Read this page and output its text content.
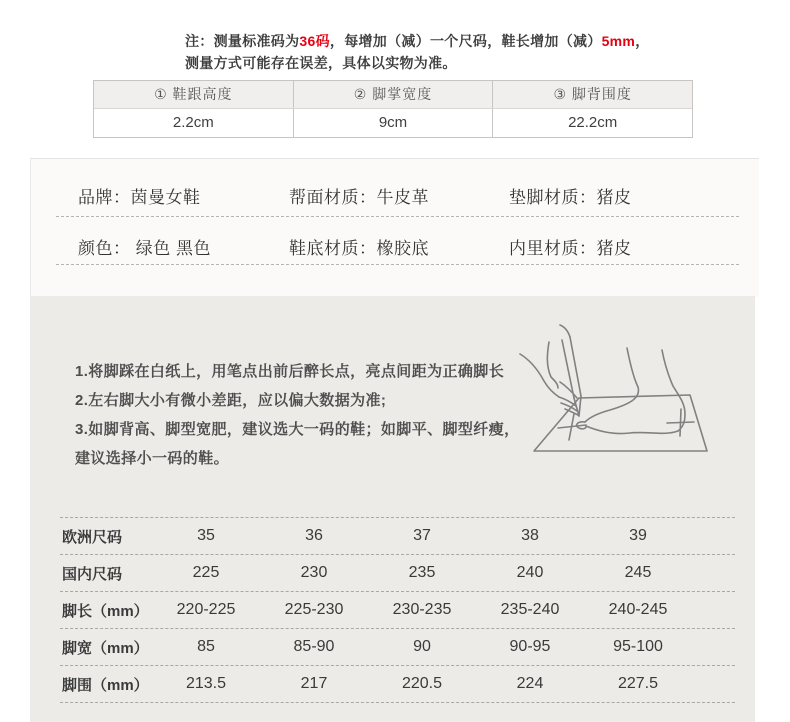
注：测量标准码为36码，每增加（减）一个尺码，鞋长增加（减）5mm，
测量方式可能存在误差，具体以实物为准。
① 鞋跟高度	② 脚掌宽度	③ 脚背围度
2.2cm	9cm	22.2cm
品牌：茵曼女鞋	帮面材质：牛皮革	垫脚材质：猪皮
颜色： 绿色 黑色	鞋底材质：橡胶底	内里材质：猪皮
1.将脚踩在白纸上，用笔点出前后醉长点，亮点间距为正确脚长
2.左右脚大小有微小差距，应以偏大数据为准;
3.如脚背高、脚型宽肥，建议选大一码的鞋；如脚平、脚型纤瘦，
建议选择小一码的鞋。
欧洲尺码	35	36	37	38	39
国内尺码	225	230	235	240	245
脚长（mm）	220-225	225-230	230-235	235-240	240-245
脚宽（mm）	85	85-90	90	90-95	95-100
脚围（mm）	213.5	217	220.5	224	227.5
